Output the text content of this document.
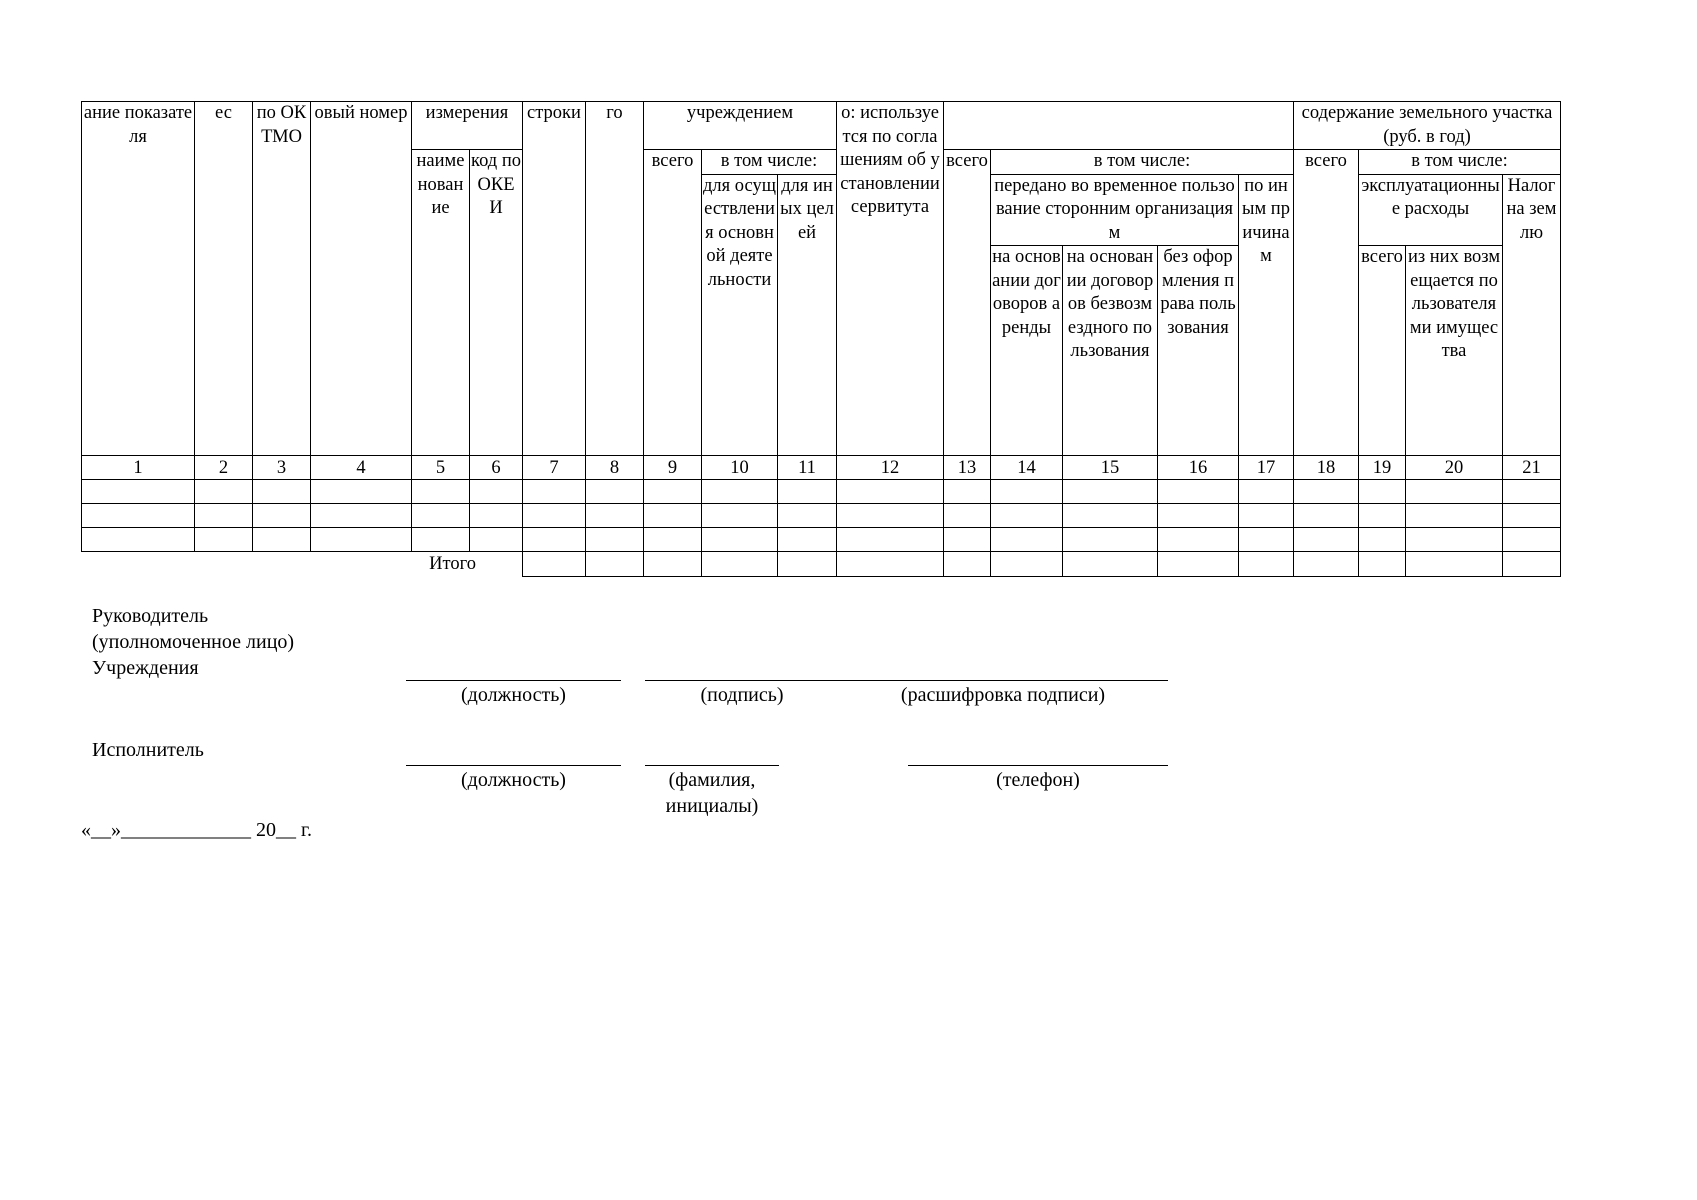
ание показателя	ес	по ОКТМО	овый номер	измерения		строки	го	учреждением			о: используется по соглашениям об установлении сервитута						содержание земельного участка (руб. в год)			
				наименование	код по ОКЕИ			всего	в том числе:			всего	в том числе:				всего	в том числе:		
									для осуществления основной деятельности	для иных целей			передано во временное пользование сторонним организациям			по иным причинам		эксплуатационные расходы		Налог на землю
													на основании договоров аренды	на основании договоров безвозмездного пользования	без оформления права пользования			всего	из них возмещается пользователями имущества	
1	2	3	4	5	6	7	8	9	10	11	12	13	14	15	16	17	18	19	20	21

Итого																				
Руководитель
(уполномоченное лицо)
Учреждения
(должность)	(подпись)	(расшифровка подписи)
Исполнитель
(должность)	(фамилия,
инициалы)
(телефон)
«__»_____________ 20__ г.
